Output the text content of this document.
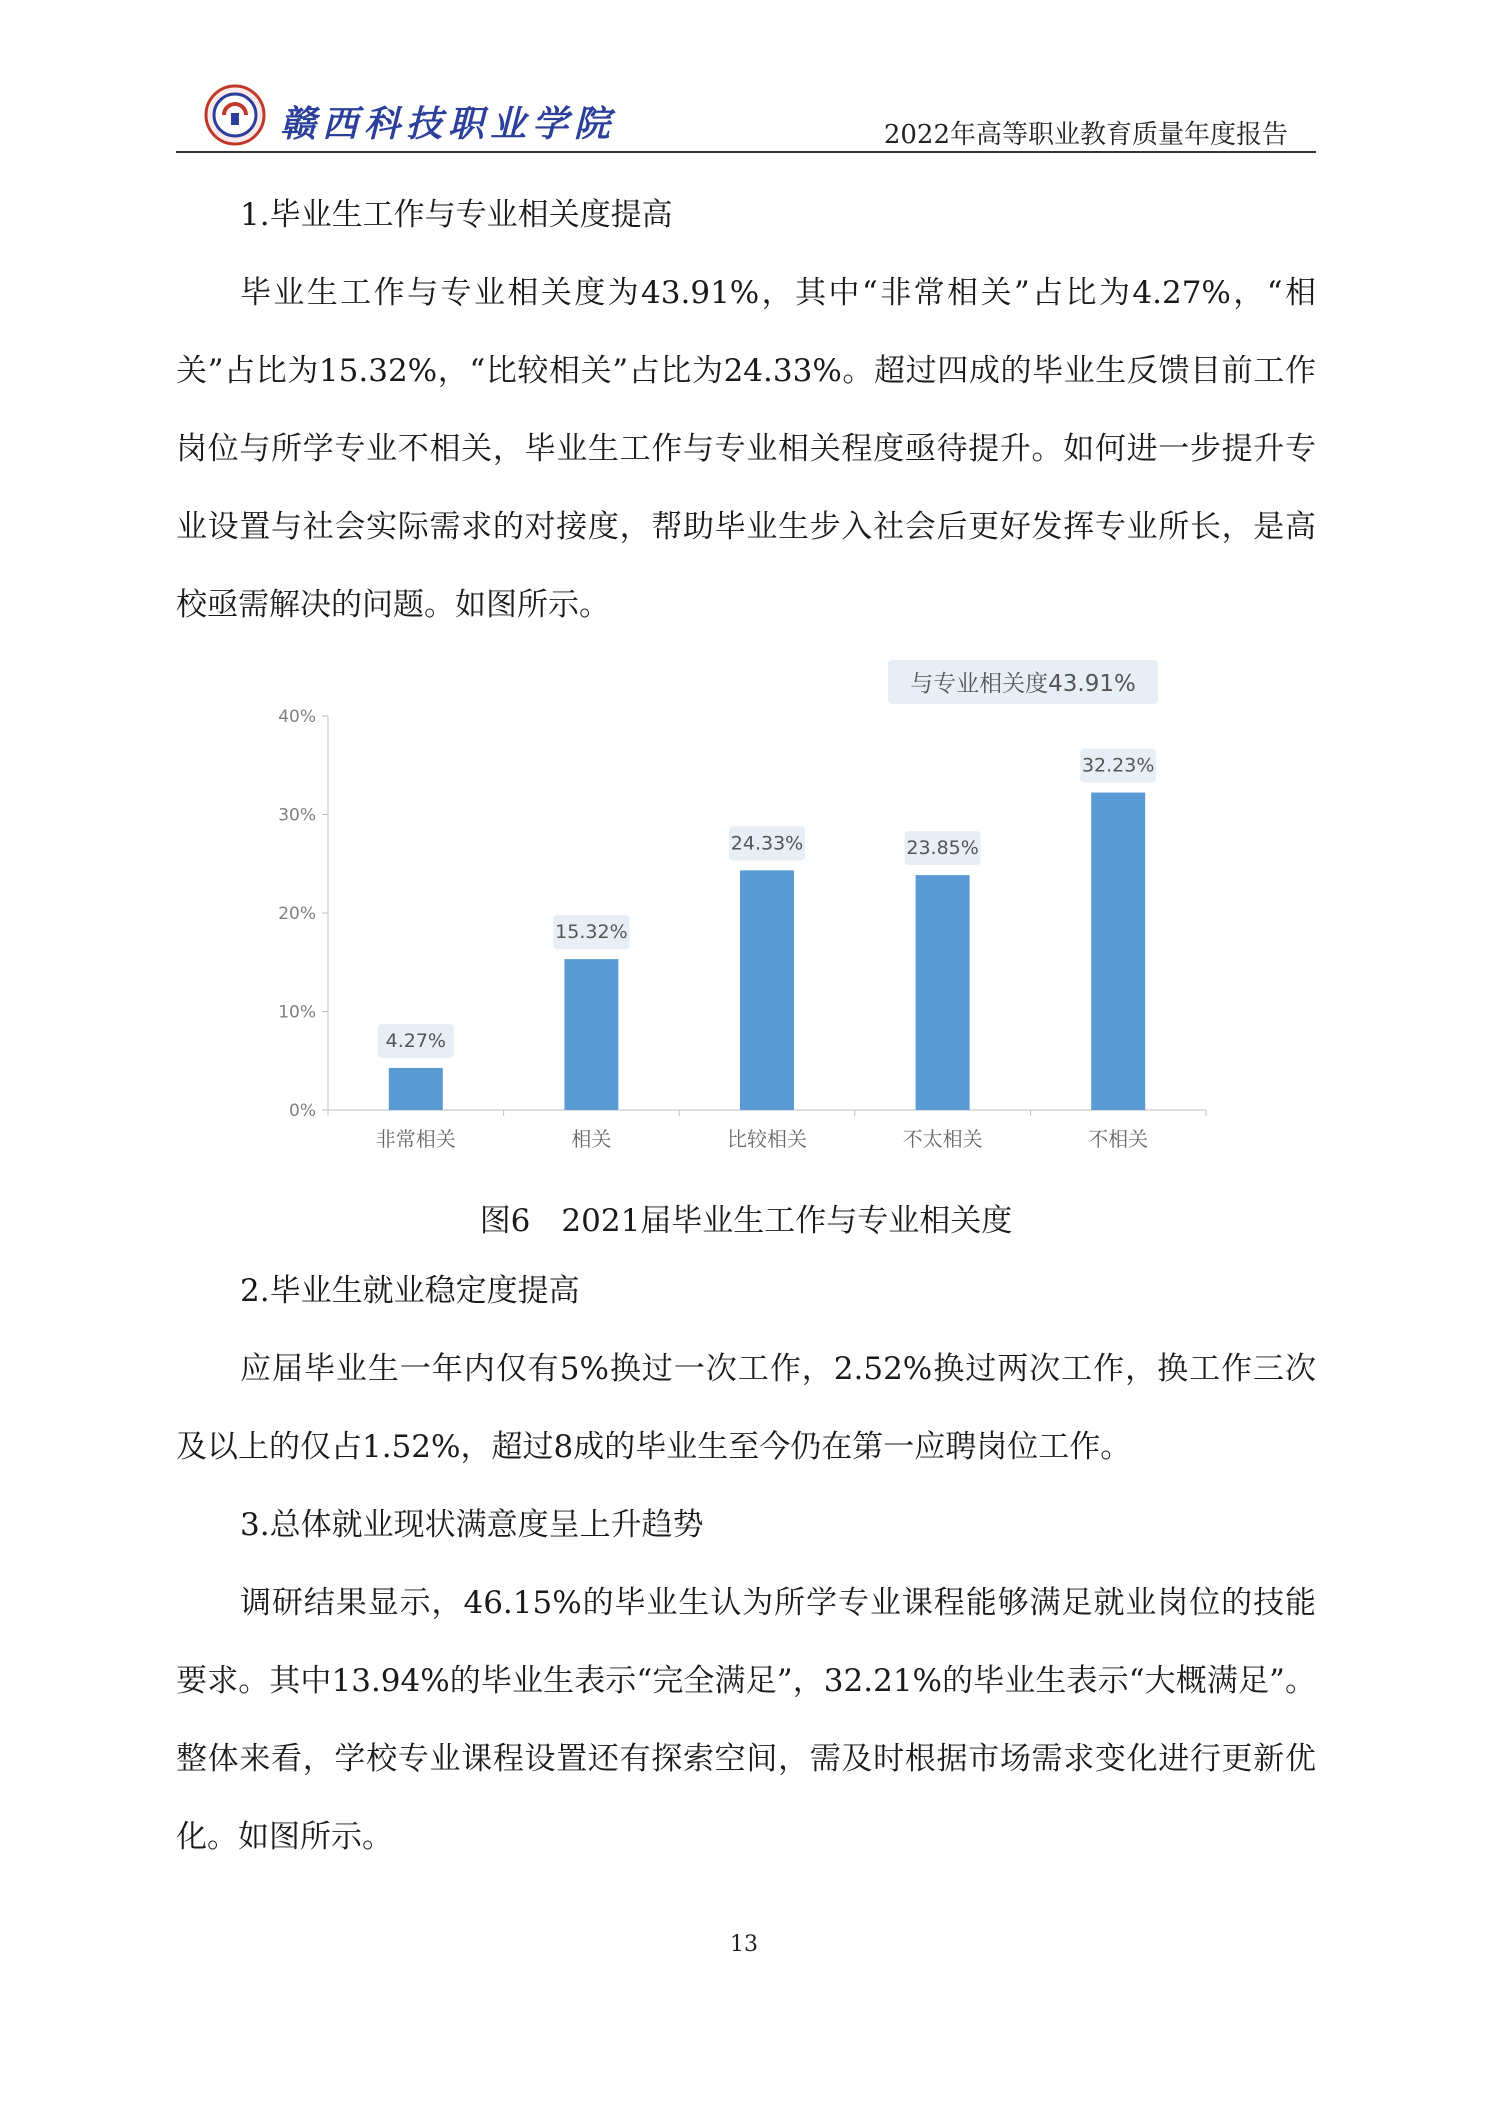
赣西科技职业学院	2022年高等职业教育质量年度报告

1.毕业生工作与专业相关度提高

毕业生工作与专业相关度为43.91%，其中“非常相关”占比为4.27%，“相关”占比为15.32%，“比较相关”占比为24.33%。超过四成的毕业生反馈目前工作岗位与所学专业不相关，毕业生工作与专业相关程度亟待提升。如何进一步提升专业设置与社会实际需求的对接度，帮助毕业生步入社会后更好发挥专业所长，是高校亟需解决的问题。如图所示。

0%
10%
20%
30%
40%
4.27%
非常相关
15.32%
相关
24.33%
比较相关
23.85%
不太相关
32.23%
不相关
与专业相关度43.91%

图6　2021届毕业生工作与专业相关度

2.毕业生就业稳定度提高

应届毕业生一年内仅有5%换过一次工作，2.52%换过两次工作，换工作三次及以上的仅占1.52%，超过8成的毕业生至今仍在第一应聘岗位工作。

3.总体就业现状满意度呈上升趋势

调研结果显示，46.15%的毕业生认为所学专业课程能够满足就业岗位的技能要求。其中13.94%的毕业生表示“完全满足”，32.21%的毕业生表示“大概满足”。整体来看，学校专业课程设置还有探索空间，需及时根据市场需求变化进行更新优化。如图所示。

13
